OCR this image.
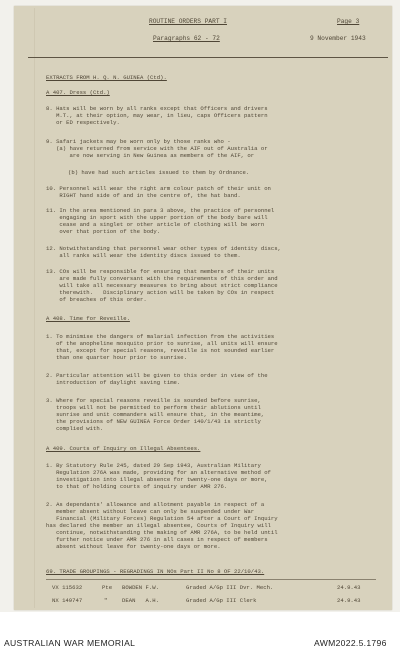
ROUTINE ORDERS PART I	Page 3
Paragraphs 62 - 72	9 November 1943
EXTRACTS FROM H. Q. N. GUINEA (Ctd).
A 407. Dress (Ctd.)
8. Hats will be worn by all ranks except that Officers and drivers
M.T., at their option, may wear, in lieu, caps Officers pattern
or ED respectively.
9. Safari jackets may be worn only by those ranks who -
(a) have returned from service with the AIF out of Australia or
are now serving in New Guinea as members of the AIF, or
(b) have had such articles issued to them by Ordnance.
10. Personnel will wear the right arm colour patch of their unit on
RIGHT hand side of and in the centre of, the hat band.
11. In the area mentioned in para 3 above, the practice of personnel
engaging in sport with the upper portion of the body bare will
cease and a singlet or other article of clothing will be worn
over that portion of the body.
12. Notwithstanding that personnel wear other types of identity discs,
all ranks will wear the identity discs issued to them.
13. COs will be responsible for ensuring that members of their units
are made fully conversant with the requirements of this order and
will take all necessary measures to bring about strict compliance
therewith.   Disciplinary action will be taken by COs in respect
of breaches of this order.
A 408. Time for Reveille.
1. To minimise the dangers of malarial infection from the activities
of the anopheline mosquito prior to sunrise, all units will ensure
that, except for special reasons, reveille is not sounded earlier
than one quarter hour prior to sunrise.
2. Particular attention will be given to this order in view of the
introduction of daylight saving time.
3. Where for special reasons reveille is sounded before sunrise,
troops will not be permitted to perform their ablutions until
sunrise and unit commanders will ensure that, in the meantime,
the provisions of NEW GUINEA Force Order 140/1/43 is strictly
complied with.
A 409. Courts of Inquiry on Illegal Absentees.
1. By Statutory Rule 245, dated 29 Sep 1943, Australian Military
Regulation 276A was made, providing for an alternative method of
investigation into illegal absence for twenty-one days or more,
to that of holding courts of inquiry under AMR 276.
2. As dependants' allowance and allotment payable in respect of a
member absent without leave can only be suspended under War
Financial (Military Forces) Regulation 54 after a Court of Inquiry
has declared the member an illegal absentee, Courts of Inquiry will
continue, notwithstanding the making of AMR 276A, to be held until
further notice under AMR 276 in all cases in respect of members
absent without leave for twenty-one days or more.
69. TRADE GROUPINGS - REGRADINGS IN NOs Part II No 8 OF 22/10/43.
VX 115632	Pte BOWDEN F.W.	Graded A/Gp III Dvr. Mech.	24.9.43
NX 149747	"	DEAN   A.H.	Graded A/Gp III Clerk	24.9.43
AUSTRALIAN WAR MEMORIAL	AWM2022.5.1796
